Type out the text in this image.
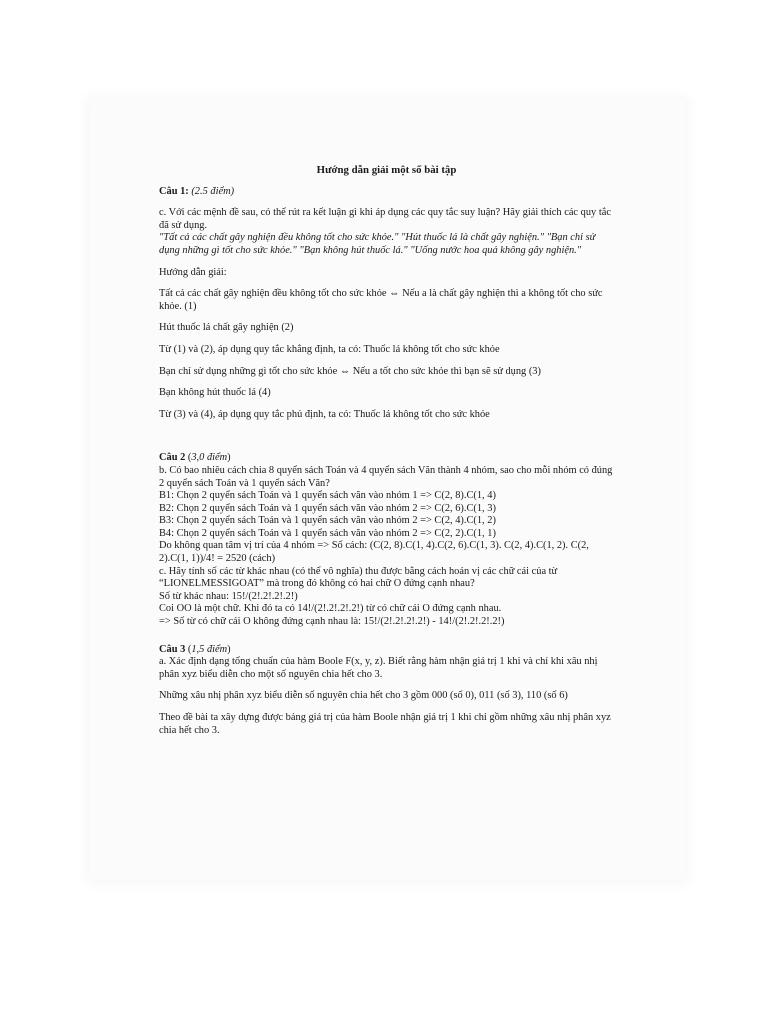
Hướng dẫn giải một số bài tập
Câu 1: (2.5 điểm)

c. Với các mệnh đề sau, có thể rút ra kết luận gì khi áp dụng các quy tắc suy luận? Hãy giải thích các quy tắc đã sử dụng.

"Tất cả các chất gây nghiện đều không tốt cho sức khỏe." "Hút thuốc lá là chất gây nghiện." "Bạn chỉ sử dụng những gì tốt cho sức khỏe." "Bạn không hút thuốc lá." "Uống nước hoa quả không gây nghiện."

Hướng dẫn giải:

Tất cả các chất gây nghiện đều không tốt cho sức khỏe ⇔ Nếu a là chất gây nghiện thì a không tốt cho sức khỏe. (1)

Hút thuốc lá chất gây nghiện (2)

Từ (1) và (2), áp dụng quy tắc khẳng định, ta có: Thuốc lá không tốt cho sức khỏe

Bạn chỉ sử dụng những gì tốt cho sức khỏe ⇔ Nếu a tốt cho sức khỏe thì bạn sẽ sử dụng (3)

Bạn không hút thuốc lá (4)

Từ (3) và (4), áp dụng quy tắc phủ định, ta có: Thuốc lá không tốt cho sức khỏe

Câu 2 (3,0 điểm)
b. Có bao nhiêu cách chia 8 quyển sách Toán và 4 quyển sách Văn thành 4 nhóm, sao cho mỗi nhóm có đúng 2 quyển sách Toán và 1 quyển sách Văn?
B1: Chọn 2 quyển sách Toán và 1 quyển sách văn vào nhóm 1 => C(2, 8).C(1, 4)
B2: Chọn 2 quyển sách Toán và 1 quyển sách văn vào nhóm 2 => C(2, 6).C(1, 3)
B3: Chọn 2 quyển sách Toán và 1 quyển sách văn vào nhóm 2 => C(2, 4).C(1, 2)
B4: Chọn 2 quyển sách Toán và 1 quyển sách văn vào nhóm 2 => C(2, 2).C(1, 1)
Do không quan tâm vị trí của 4 nhóm => Số cách: (C(2, 8).C(1, 4).C(2, 6).C(1, 3). C(2, 4).C(1, 2). C(2, 2).C(1, 1))/4! = 2520 (cách)
c. Hãy tính số các từ khác nhau (có thể vô nghĩa) thu được bằng cách hoán vị các chữ cái của từ “LIONELMESSIGOAT” mà trong đó không có hai chữ O đứng cạnh nhau?
Số từ khác nhau: 15!/(2!.2!.2!.2!)
Coi OO là một chữ. Khi đó ta có 14!/(2!.2!.2!.2!) từ có chữ cái O đứng cạnh nhau.
=> Số từ có chữ cái O không đứng cạnh nhau là: 15!/(2!.2!.2!.2!) - 14!/(2!.2!.2!.2!)
Câu 3 (1,5 điểm)

a. Xác định dạng tổng chuẩn của hàm Boole F(x, y, z). Biết rằng hàm nhận giá trị 1 khi và chỉ khi xâu nhị phân xyz biểu diễn cho một số nguyên chia hết cho 3.

Những xâu nhị phân xyz biểu diễn số nguyên chia hết cho 3 gồm 000 (số 0), 011 (số 3), 110 (số 6)

Theo đề bài ta xây dựng được bảng giá trị của hàm Boole nhận giá trị 1 khi chỉ gồm những xâu nhị phân xyz chia hết cho 3.
